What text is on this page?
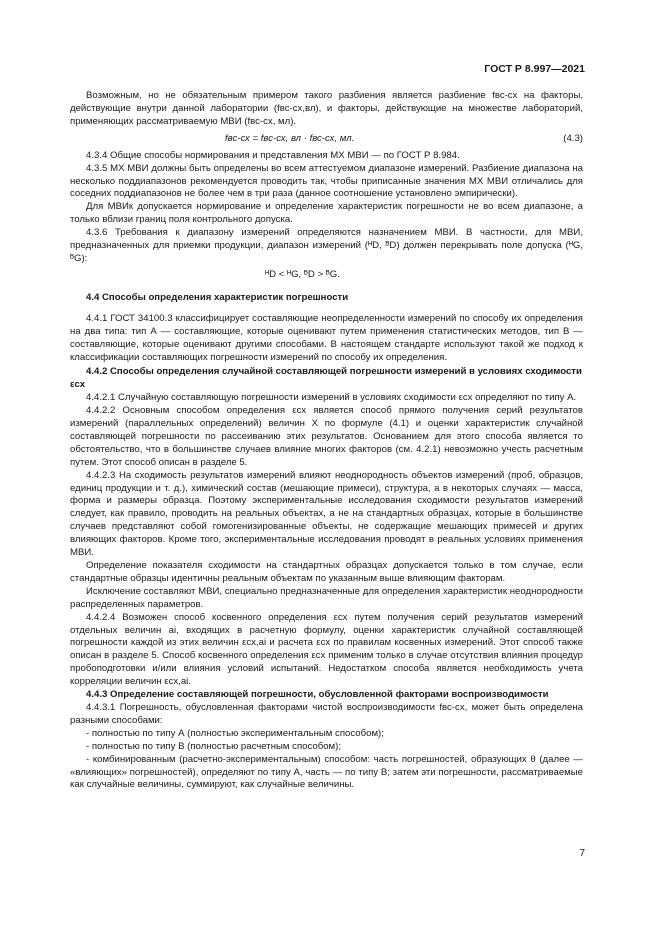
ГОСТ Р 8.997—2021

Возможным, но не обязательным примером такого разбиения является разбиение fвс-сх на факторы, действующие внутри данной лаборатории (fвс-сх,вл), и факторы, действующие на множестве лабораторий, применяющих рассматриваемую МВИ (fвс-сх, мл).

fвс-сх = fвс-сх, вл · fвс-сх, мл.	(4.3)

4.3.4 Общие способы нормирования и представления МХ МВИ — по ГОСТ Р 8.984.

4.3.5 МХ МВИ должны быть определены во всем аттестуемом диапазоне измерений. Разбиение диапазона на несколько поддиапазонов рекомендуется проводить так, чтобы приписанные значения МХ МВИ отличались для соседних поддиапазонов не более чем в три раза (данное соотношение установлено эмпирически).

Для МВИк допускается нормирование и определение характеристик погрешности не во всем диапазоне, а только вблизи границ поля контрольного допуска.

4.3.6 Требования к диапазону измерений определяются назначением МВИ. В частности, для МВИ, предназначенных для приемки продукции, диапазон измерений (ᴴD, ᴮD) должен перекрывать поле допуска (ᴴG, ᴮG):

ᴴD < ᴴG, ᴮD > ᴮG.
4.4 Способы определения характеристик погрешности

4.4.1 ГОСТ 34100.3 классифицирует составляющие неопределенности измерений по способу их определения на два типа: тип А — составляющие, которые оценивают путем применения статистических методов, тип В — составляющие, которые оценивают другими способами. В настоящем стандарте используют такой же подход к классификации составляющих погрешности измерений по способу их определения.

4.4.2 Способы определения случайной составляющей погрешности измерений в условиях сходимости εсх

4.4.2.1 Случайную составляющую погрешности измерений в условиях сходимости εсх определяют по типу А.

4.4.2.2 Основным способом определения εсх является способ прямого получения серий результатов измерений (параллельных определений) величин X по формуле (4.1) и оценки характеристик случайной составляющей погрешности по рассеиванию этих результатов. Основанием для этого способа является то обстоятельство, что в большинстве случаев влияние многих факторов (см. 4.2.1) невозможно учесть расчетным путем. Этот способ описан в разделе 5.

4.4.2.3 На сходимость результатов измерений влияют неоднородность объектов измерений (проб, образцов, единиц продукции и т. д.), химический состав (мешающие примеси), структура, а в некоторых случаях — масса, форма и размеры образца. Поэтому экспериментальные исследования сходимости результатов измерений следует, как правило, проводить на реальных объектах, а не на стандартных образцах, которые в большинстве случаев представляют собой гомогенизированные объекты, не содержащие мешающих примесей и других влияющих факторов. Кроме того, экспериментальные исследования проводят в реальных условиях применения МВИ.

Определение показателя сходимости на стандартных образцах допускается только в том случае, если стандартные образцы идентичны реальным объектам по указанным выше влияющим факторам.

Исключение составляют МВИ, специально предназначенные для определения характеристик неоднородности распределенных параметров.

4.4.2.4 Возможен способ косвенного определения εсх путем получения серий результатов измерений отдельных величин ai, входящих в расчетную формулу, оценки характеристик случайной составляющей погрешности каждой из этих величин εсх,ai и расчета εсх по правилам косвенных измерений. Этот способ также описан в разделе 5. Способ косвенного определения εсх применим только в случае отсутствия влияния процедур пробоподготовки и/или влияния условий испытаний. Недостатком способа является необходимость учета корреляции величин εсх,ai.

4.4.3 Определение составляющей погрешности, обусловленной факторами воспроизводимости

4.4.3.1 Погрешность, обусловленная факторами чистой воспроизводимости fвс-сх, может быть определена разными способами:

- полностью по типу А (полностью экспериментальным способом);

- полностью по типу В (полностью расчетным способом);

- комбинированным (расчетно-экспериментальным) способом: часть погрешностей, образующих θ (далее — «влияющих» погрешностей), определяют по типу А, часть — по типу В; затем эти погрешности, рассматриваемые как случайные величины, суммируют, как случайные величины.

7
